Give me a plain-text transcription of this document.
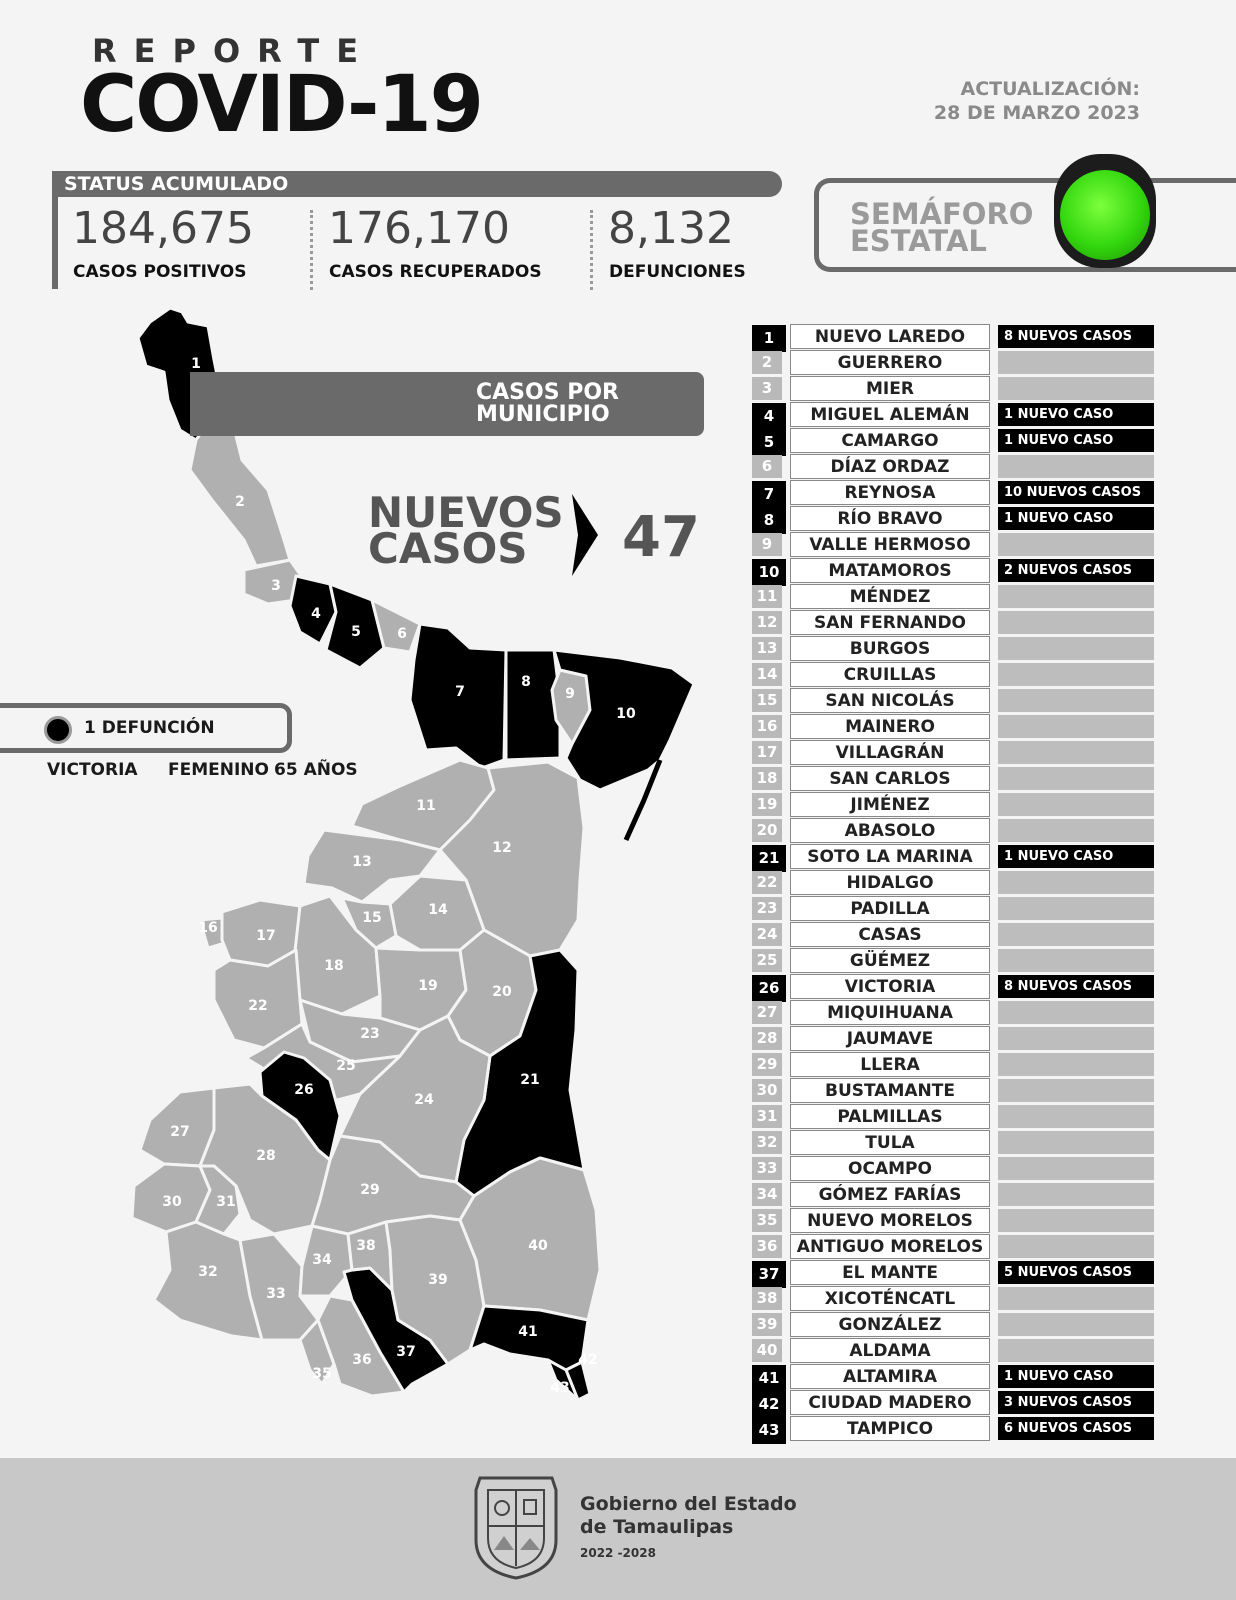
REPORTE
COVID-19	ACTUALIZACIÓN:
28 DE MARZO 2023
STATUS ACUMULADO
184,675
CASOS POSITIVOS
176,170
CASOS RECUPERADOS
8,132
DEFUNCIONES
SEMÁFORO
ESTATAL
1
2
3
4
5	6
7
8
9
10
11
12
13
14
15
16	17
18
19	20
21
22
23
24
25
26
27
28
29
30 31
32
33
34
35
36 37
38
39
40
41
42
43
CASOS POR
MUNICIPIO
NUEVOS
CASOS	47
1 DEFUNCIÓN
VICTORIA FEMENINO 65 AÑOS
1	NUEVO LAREDO	8 NUEVOS CASOS
2	GUERRERO
3	MIER
4	MIGUEL ALEMÁN	1 NUEVO CASO
5	CAMARGO	1 NUEVO CASO
6	DÍAZ ORDAZ
7	REYNOSA	10 NUEVOS CASOS
8	RÍO BRAVO	1 NUEVO CASO
9	VALLE HERMOSO
10	MATAMOROS	2 NUEVOS CASOS
11	MÉNDEZ
12	SAN FERNANDO
13	BURGOS
14	CRUILLAS
15	SAN NICOLÁS
16	MAINERO
17	VILLAGRÁN
18	SAN CARLOS
19	JIMÉNEZ
20	ABASOLO
21	SOTO LA MARINA	1 NUEVO CASO
22	HIDALGO
23	PADILLA
24	CASAS
25	GÜÉMEZ
26	VICTORIA	8 NUEVOS CASOS
27	MIQUIHUANA
28	JAUMAVE
29	LLERA
30	BUSTAMANTE
31	PALMILLAS
32	TULA
33	OCAMPO
34	GÓMEZ FARÍAS
35	NUEVO MORELOS
36	ANTIGUO MORELOS
37	EL MANTE	5 NUEVOS CASOS
38	XICOTÉNCATL
39	GONZÁLEZ
40	ALDAMA
41	ALTAMIRA	1 NUEVO CASO
42	CIUDAD MADERO	3 NUEVOS CASOS
43	TAMPICO	6 NUEVOS CASOS
Gobierno del Estado
de Tamaulipas
2022 -2028
